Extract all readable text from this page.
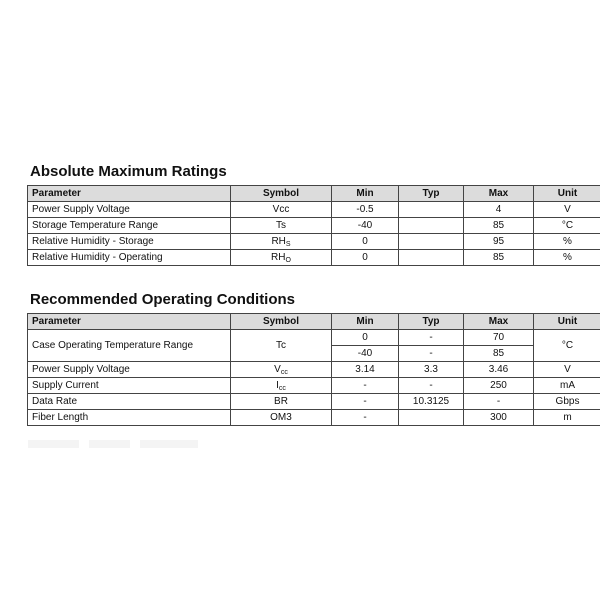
Absolute Maximum Ratings
Parameter	Symbol	Min	Typ	Max	Unit
Power Supply Voltage	Vcc	-0.5		4	V
Storage Temperature Range	Ts	-40		85	°C
Relative Humidity - Storage	$RH_S$	0		95	%
Relative Humidity - Operating	$RH_O$	0		85	%
Recommended Operating Conditions
Parameter	Symbol	Min	Typ	Max	Unit
Case Operating Temperature Range	Tc	0	-	70	°C
		-40	-	85	
Power Supply Voltage	$V_{cc}$	3.14	3.3	3.46	V
Supply Current	$I_{cc}$	-	-	250	mA
Data Rate	BR	-	10.3125	-	Gbps
Fiber Length	OM3	-		300	m
